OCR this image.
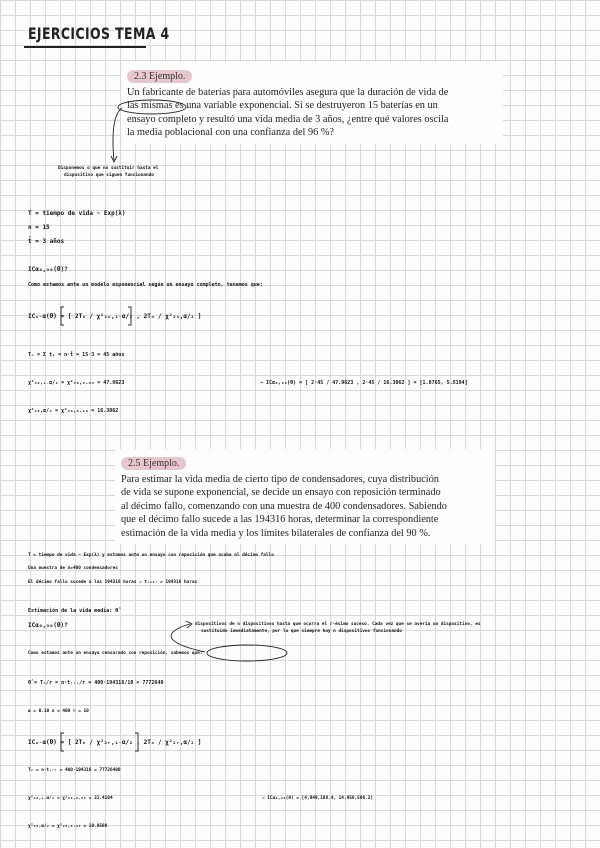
EJERCICIOS TEMA 4
2.3 Ejemplo.
Un fabricante de baterías para automóviles asegura que la duración de vida de
las mismas es una variable exponencial. Si se destruyeron 15 baterías en un
ensayo completo y resultó una vida media de 3 años, ¿entre qué valores oscila
la media poblacional con una confianza del 96 %?
Disponemos o que no sustituir hasta el
dispositivo que siguen funcionando
T = tiempo de vida ~ Exp(λ)
n = 15
t̄ = 3 años
ICα₀,₉₆(θ)?
Como estamos ante un modelo exponencial según un ensayo completo, tenemos que:
ICₙ₋α(θ) = [ 2Tₙ / χ²₂ₙ,₁₋α/₂ , 2Tₙ / χ²₂ₙ,α/₂ ]
Tₙ = Σ tᵢ = n·t̄ = 15·3 = 45 años
χ²₃₀,₁₋α/₂ = χ²₃₀,₀.₀₂ = 47.9623	⇒ ICα₀,₉₆(θ) = [ 2·45 / 47.9623 , 2·45 / 16.3062 ] = [1.8765, 5.5194]
χ²₃₀,α/₂ = χ²₃₀,₀.₉₈ = 16.3062
2.5 Ejemplo.
Para estimar la vida media de cierto tipo de condensadores, cuya distribución
de vida se supone exponencial, se decide un ensayo con reposición terminado
al décimo fallo, comenzando con una muestra de 400 condensadores. Sabiendo
que el décimo fallo sucede a las 194316 horas, determinar la correspondiente
estimación de la vida media y los límites bilaterales de confianza del 90 %.
T = tiempo de vida ~ Exp(λ) y estamos ante un ensayo con reposición que acaba al décimo fallo
Una muestra de n=400 condensadores
El décimo fallo sucede a las 194316 horas ⇒ t₍₁₀₎ = 194316 horas
Estimación de la vida media: θ̂
ICα₀,₉₀(θ)?	dispositivos de n dispositivos hasta que ocurra el r-ésimo suceso. Cada vez que se avería un dispositivo, es
sustituido inmediatamente, por lo que siempre hay n dispositivos funcionando
Como estamos ante un ensayo censurado con reposición, sabemos que:
θ̂ = Tₙ/r = n·t₍ᵣ₎/r = 400·194316/10 = 7772640
α = 0.10 n = 400 r = 10
ICₙ₋α(θ) = [ 2Tₙ / χ²₂ᵣ,₁₋α/₂ , 2Tₙ / χ²₂ᵣ,α/₂ ]
Tₙ = n·t₍ᵣ₎ = 400·194316 = 77726400
χ²₂₀,₁₋α/₂ = χ²₂₀,₀.₀₅ = 31.4104	⇒ ICα₀,₉₀(θ) = [4,949,188.4, 14,956,596.2]
χ²₂₀,α/₂ = χ²₂₀,₀.₉₅ = 10.8508
